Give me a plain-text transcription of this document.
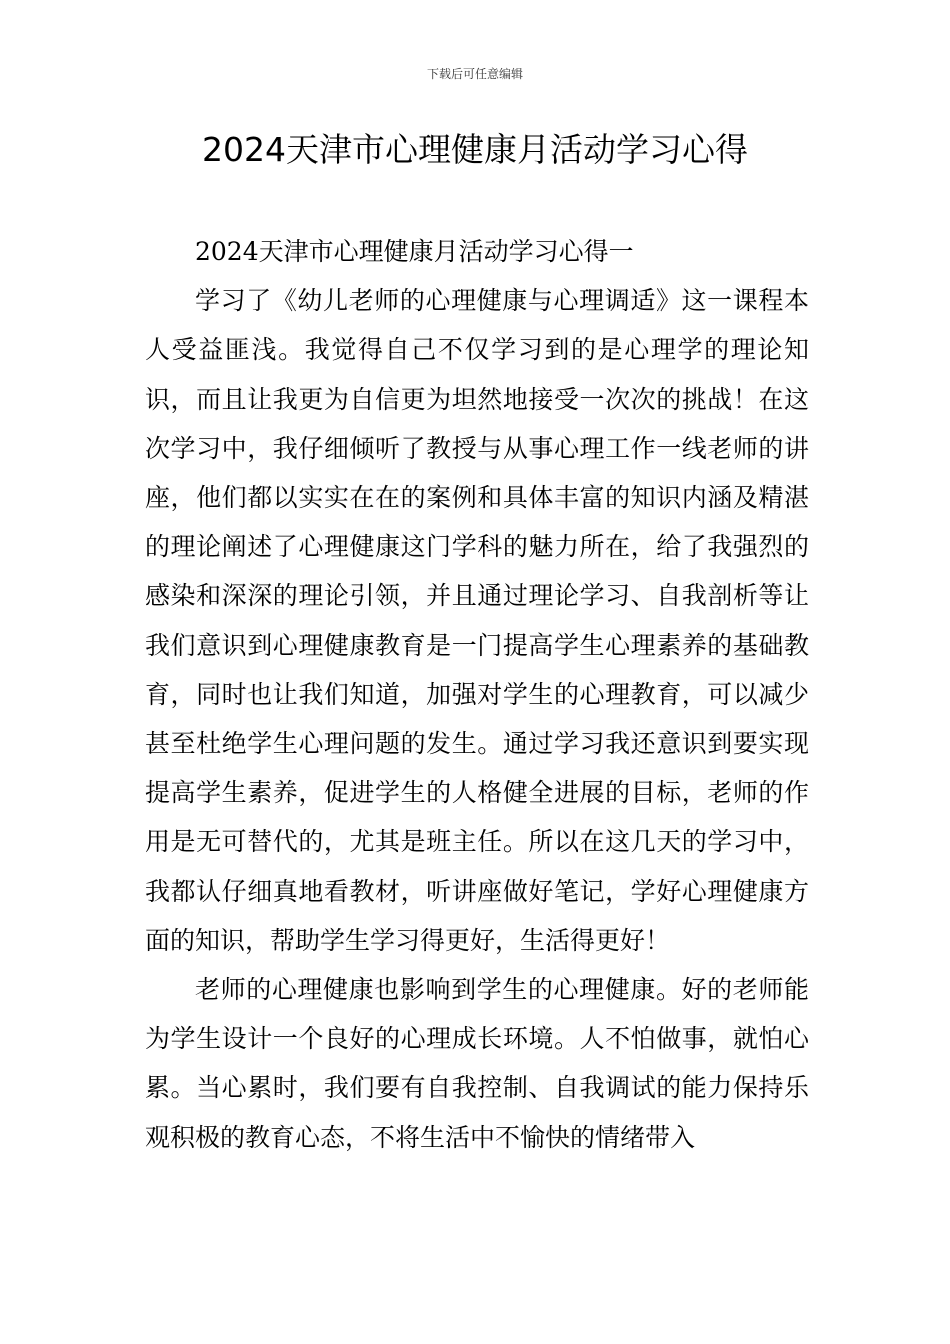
下载后可任意编辑
2024天津市心理健康月活动学习心得

2024天津市心理健康月活动学习心得一

学习了《幼儿老师的心理健康与心理调适》这一课程本人受益匪浅。我觉得自己不仅学习到的是心理学的理论知识，而且让我更为自信更为坦然地接受一次次的挑战！在这次学习中，我仔细倾听了教授与从事心理工作一线老师的讲座，他们都以实实在在的案例和具体丰富的知识内涵及精湛的理论阐述了心理健康这门学科的魅力所在，给了我强烈的感染和深深的理论引领，并且通过理论学习、自我剖析等让我们意识到心理健康教育是一门提高学生心理素养的基础教育，同时也让我们知道，加强对学生的心理教育，可以减少甚至杜绝学生心理问题的发生。通过学习我还意识到要实现提高学生素养，促进学生的人格健全进展的目标，老师的作用是无可替代的，尤其是班主任。所以在这几天的学习中，我都认仔细真地看教材，听讲座做好笔记，学好心理健康方面的知识，帮助学生学习得更好，生活得更好！

老师的心理健康也影响到学生的心理健康。好的老师能为学生设计一个良好的心理成长环境。人不怕做事，就怕心累。当心累时，我们要有自我控制、自我调试的能力保持乐观积极的教育心态，不将生活中不愉快的情绪带入
